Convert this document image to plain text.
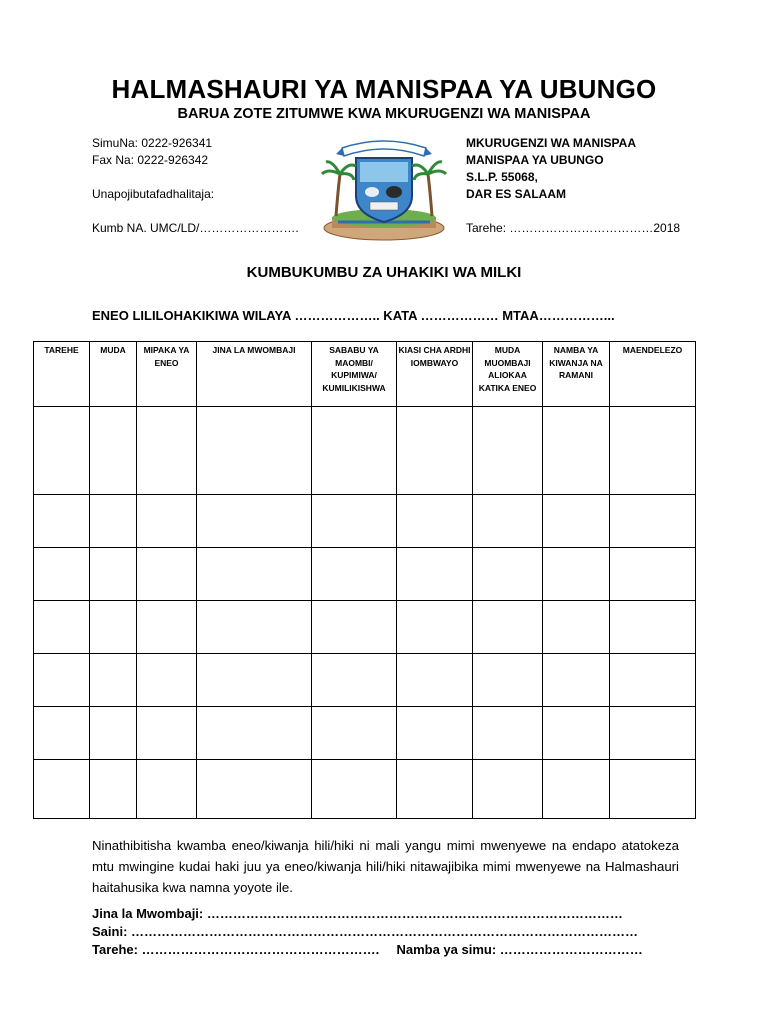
HALMASHAURI YA MANISPAA YA UBUNGO
BARUA ZOTE ZITUMWE KWA MKURUGENZI WA MANISPAA
SimuNa: 0222-926341
Fax Na: 0222-926342
Unapojibutafadhalitaja:
Kumb NA. UMC/LD/…………………….
MKURUGENZI WA MANISPAA
MANISPAA YA UBUNGO
S.L.P. 55068,
DAR ES SALAAM
Tarehe: ………………………………2018
KUMBUKUMBU ZA UHAKIKI WA MILKI
ENEO LILILOHAKIKIWA WILAYA ……………….. KATA ……………… MTAA……………...
TAREHE	MUDA	MIPAKA YA ENEO	JINA LA MWOMBAJI	SABABU YA MAOMBI/ KUPIMIWA/ KUMILIKISHWA	KIASI CHA ARDHI IOMBWAYO	MUDA MUOMBAJI ALIOKAA KATIKA ENEO	NAMBA YA KIWANJA NA RAMANI	MAENDELEZO

Ninathibitisha kwamba eneo/kiwanja hili/hiki ni mali yangu mimi mwenyewe na endapo atatokeza mtu mwingine kudai haki juu ya eneo/kiwanja hili/hiki nitawajibika mimi mwenyewe na Halmashauri haitahusika kwa namna yoyote ile.
Jina la Mwombaji: ……………………………………………………………………………………
Saini: ………………………………………………………………………………………………………
Tarehe: ………………………………………………. Namba ya simu: ……………………………
